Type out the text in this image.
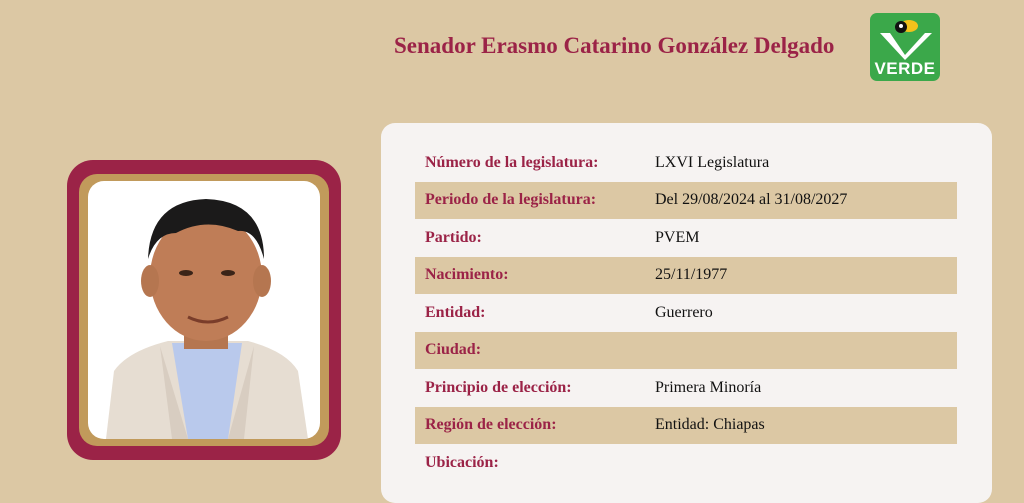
Senador Erasmo Catarino González Delgado
VERDE
Número de la legislatura:	LXVI Legislatura
Periodo de la legislatura:	Del 29/08/2024 al 31/08/2027
Partido:	PVEM
Nacimiento:	25/11/1977
Entidad:	Guerrero
Ciudad:
Principio de elección:	Primera Minoría
Región de elección:	Entidad: Chiapas
Ubicación:
